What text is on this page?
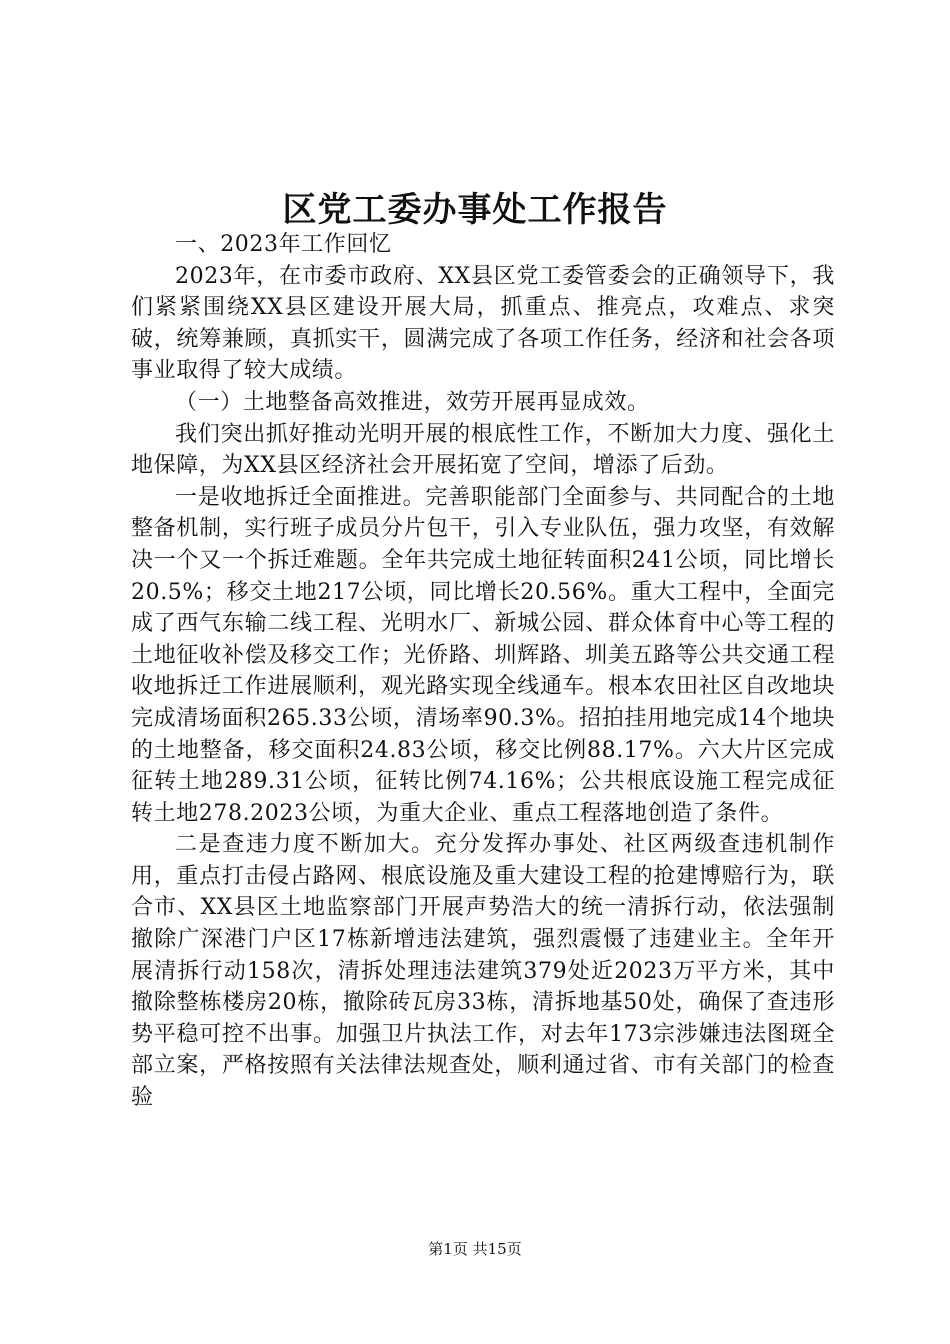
区党工委办事处工作报告

一、2023年工作回忆

2023年，在市委市政府、XX县区党工委管委会的正确领导下，我们紧紧围绕XX县区建设开展大局，抓重点、推亮点，攻难点、求突破，统筹兼顾，真抓实干，圆满完成了各项工作任务，经济和社会各项事业取得了较大成绩。

（一）土地整备高效推进，效劳开展再显成效。

我们突出抓好推动光明开展的根底性工作，不断加大力度、强化土地保障，为XX县区经济社会开展拓宽了空间，增添了后劲。

一是收地拆迁全面推进。完善职能部门全面参与、共同配合的土地整备机制，实行班子成员分片包干，引入专业队伍，强力攻坚，有效解决一个又一个拆迁难题。全年共完成土地征转面积241公顷，同比增长20.5%；移交土地217公顷，同比增长20.56%。重大工程中，全面完成了西气东输二线工程、光明水厂、新城公园、群众体育中心等工程的土地征收补偿及移交工作；光侨路、圳辉路、圳美五路等公共交通工程收地拆迁工作进展顺利，观光路实现全线通车。根本农田社区自改地块完成清场面积265.33公顷，清场率90.3%。招拍挂用地完成14个地块的土地整备，移交面积24.83公顷，移交比例88.17%。六大片区完成征转土地289.31公顷，征转比例74.16%；公共根底设施工程完成征转土地278.2023公顷，为重大企业、重点工程落地创造了条件。

二是查违力度不断加大。充分发挥办事处、社区两级查违机制作用，重点打击侵占路网、根底设施及重大建设工程的抢建博赔行为，联合市、XX县区土地监察部门开展声势浩大的统一清拆行动，依法强制撤除广深港门户区17栋新增违法建筑，强烈震慑了违建业主。全年开展清拆行动158次，清拆处理违法建筑379处近2023万平方米，其中撤除整栋楼房20栋，撤除砖瓦房33栋，清拆地基50处，确保了查违形势平稳可控不出事。加强卫片执法工作，对去年173宗涉嫌违法图斑全部立案，严格按照有关法律法规查处，顺利通过省、市有关部门的检查验

第1页 共15页
